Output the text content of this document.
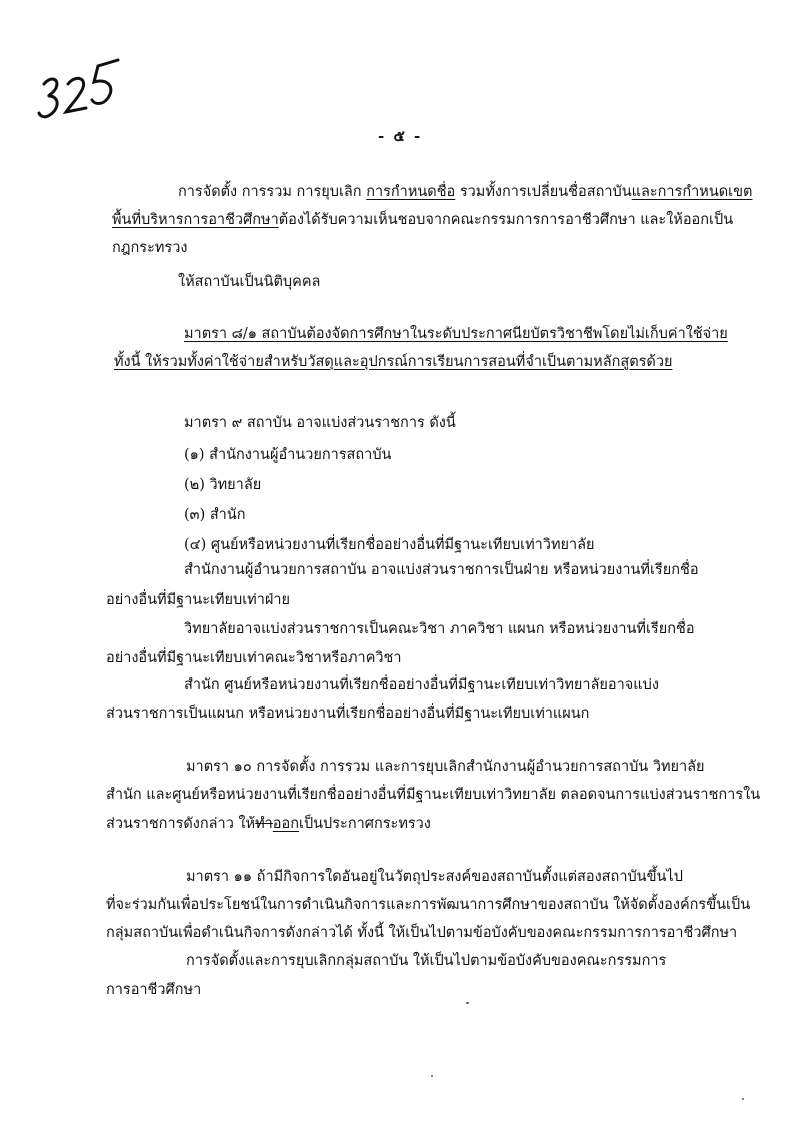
- ๕ -
การจัดตั้ง การรวม การยุบเลิก การกำหนดชื่อ รวมทั้งการเปลี่ยนชื่อสถาบันและการกำหนดเขต
พื้นที่บริหารการอาชีวศึกษาต้องได้รับความเห็นชอบจากคณะกรรมการการอาชีวศึกษา และให้ออกเป็น
กฎกระทรวง
ให้สถาบันเป็นนิติบุคคล
มาตรา ๘/๑ สถาบันต้องจัดการศึกษาในระดับประกาศนียบัตรวิชาชีพโดยไม่เก็บค่าใช้จ่าย
ทั้งนี้ ให้รวมทั้งค่าใช้จ่ายสำหรับวัสดุและอุปกรณ์การเรียนการสอนที่จำเป็นตามหลักสูตรด้วย
มาตรา ๙ สถาบัน อาจแบ่งส่วนราชการ ดังนี้
(๑) สำนักงานผู้อำนวยการสถาบัน
(๒) วิทยาลัย
(๓) สำนัก
(๔) ศูนย์หรือหน่วยงานที่เรียกชื่ออย่างอื่นที่มีฐานะเทียบเท่าวิทยาลัย
สำนักงานผู้อำนวยการสถาบัน อาจแบ่งส่วนราชการเป็นฝ่าย หรือหน่วยงานที่เรียกชื่อ
อย่างอื่นที่มีฐานะเทียบเท่าฝ่าย
วิทยาลัยอาจแบ่งส่วนราชการเป็นคณะวิชา ภาควิชา แผนก หรือหน่วยงานที่เรียกชื่อ
อย่างอื่นที่มีฐานะเทียบเท่าคณะวิชาหรือภาควิชา
สำนัก ศูนย์หรือหน่วยงานที่เรียกชื่ออย่างอื่นที่มีฐานะเทียบเท่าวิทยาลัยอาจแบ่ง
ส่วนราชการเป็นแผนก หรือหน่วยงานที่เรียกชื่ออย่างอื่นที่มีฐานะเทียบเท่าแผนก
มาตรา ๑๐ การจัดตั้ง การรวม และการยุบเลิกสำนักงานผู้อำนวยการสถาบัน วิทยาลัย
สำนัก และศูนย์หรือหน่วยงานที่เรียกชื่ออย่างอื่นที่มีฐานะเทียบเท่าวิทยาลัย ตลอดจนการแบ่งส่วนราชการใน
ส่วนราชการดังกล่าว ให้ทำออกเป็นประกาศกระทรวง
มาตรา ๑๑ ถ้ามีกิจการใดอันอยู่ในวัตถุประสงค์ของสถาบันตั้งแต่สองสถาบันขึ้นไป
ที่จะร่วมกันเพื่อประโยชน์ในการดำเนินกิจการและการพัฒนาการศึกษาของสถาบัน ให้จัดตั้งองค์กรขึ้นเป็น
กลุ่มสถาบันเพื่อดำเนินกิจการดังกล่าวได้ ทั้งนี้ ให้เป็นไปตามข้อบังคับของคณะกรรมการการอาชีวศึกษา
การจัดตั้งและการยุบเลิกกลุ่มสถาบัน ให้เป็นไปตามข้อบังคับของคณะกรรมการ
การอาชีวศึกษา
